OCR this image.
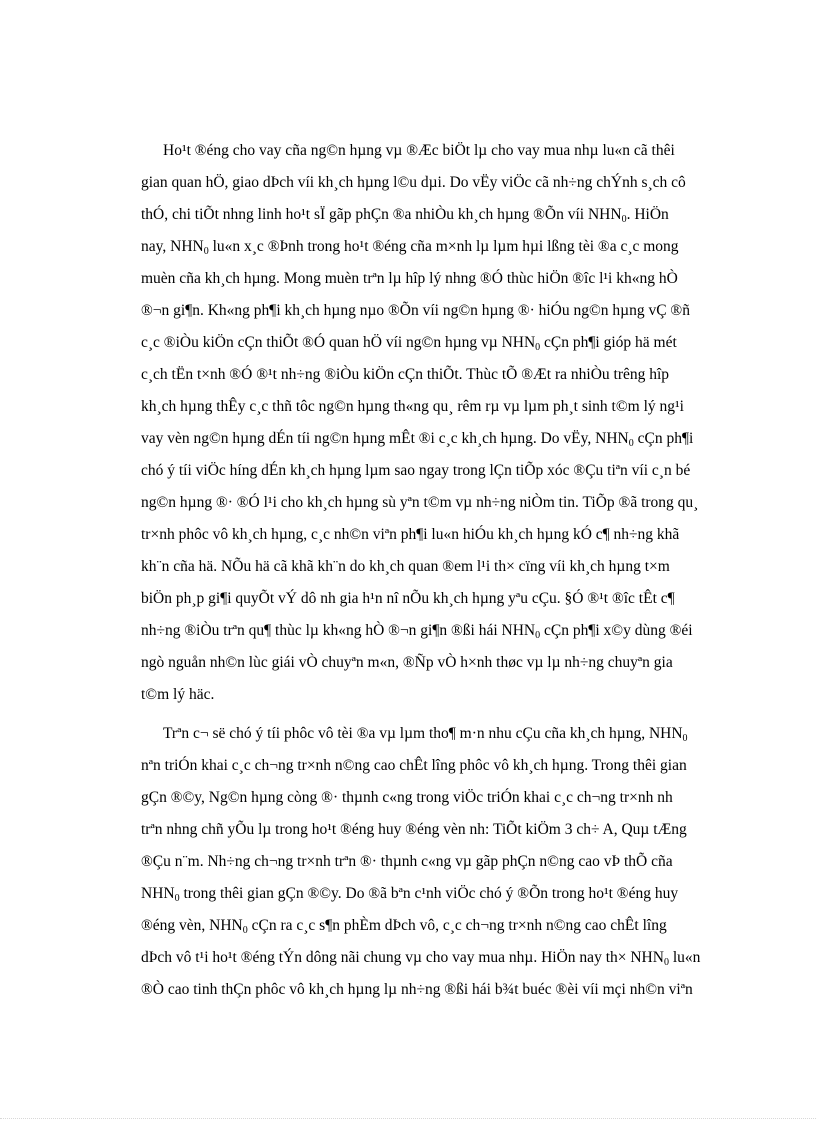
Ho¹t ®éng cho vay cña ng©n hµng vµ ®Æc biÖt lµ cho vay mua nhµ lu«n cã thêi
gian quan hÖ, giao dÞch víi kh¸ch hµng l©u dµi. Do vËy viÖc cã nh÷ng chÝnh s¸ch cô
thÓ, chi tiÕt nhng linh ho¹t sÏ gãp phÇn ®a nhiÒu kh¸ch hµng ®Õn víi $NHN_0$. HiÖn
nay, $NHN_0$ lu«n x¸c ®Þnh trong ho¹t ®éng cña m×nh lµ lµm hµi lßng tèi ®a c¸c mong
muèn cña kh¸ch hµng. Mong muèn trªn lµ hîp lý nhng ®Ó thùc hiÖn ®îc l¹i kh«ng hÒ
®¬n gi¶n. Kh«ng ph¶i kh¸ch hµng nµo ®Õn víi ng©n hµng ®· hiÓu ng©n hµng vÇ ®ñ
c¸c ®iÒu kiÖn cÇn thiÕt ®Ó quan hÖ víi ng©n hµng vµ $NHN_0$ cÇn ph¶i gióp hä mét
c¸ch tËn t×nh ®Ó ®¹t nh÷ng ®iÒu kiÖn cÇn thiÕt. Thùc tÕ ®Æt ra nhiÒu trêng hîp
kh¸ch hµng thÊy c¸c thñ tôc ng©n hµng th«ng qu¸ rêm rµ vµ lµm ph¸t sinh t©m lý ng¹i
vay vèn ng©n hµng dÉn tíi ng©n hµng mÊt ®i c¸c kh¸ch hµng. Do vËy, $NHN_0$ cÇn ph¶i
chó ý tíi viÖc híng dÉn kh¸ch hµng lµm sao ngay trong lÇn tiÕp xóc ®Çu tiªn víi c¸n bé
ng©n hµng ®· ®Ó l¹i cho kh¸ch hµng sù yªn t©m vµ nh÷ng niÒm tin. TiÕp ®ã trong qu¸
tr×nh phôc vô kh¸ch hµng, c¸c nh©n viªn ph¶i lu«n hiÓu kh¸ch hµng kÓ c¶ nh÷ng khã
kh¨n cña hä. NÕu hä cã khã kh¨n do kh¸ch quan ®em l¹i th× cïng víi kh¸ch hµng t×m
biÖn ph¸p gi¶i quyÕt vÝ dô nh gia h¹n nî nÕu kh¸ch hµng yªu cÇu. §Ó ®¹t ®îc tÊt c¶
nh÷ng ®iÒu trªn qu¶ thùc lµ kh«ng hÒ ®¬n gi¶n ®ßi hái $NHN_0$ cÇn ph¶i x©y dùng ®éi
ngò nguån nh©n lùc giái vÒ chuyªn m«n, ®Ñp vÒ h×nh thøc vµ lµ nh÷ng chuyªn gia
t©m lý häc.
Trªn c¬ së chó ý tíi phôc vô tèi ®a vµ lµm tho¶ m·n nhu cÇu cña kh¸ch hµng, $NHN_0$
nªn triÓn khai c¸c ch¬ng tr×nh n©ng cao chÊt lîng phôc vô kh¸ch hµng. Trong thêi gian
gÇn ®©y, Ng©n hµng còng ®· thµnh c«ng trong viÖc triÓn khai c¸c ch¬ng tr×nh nh
trªn nhng chñ yÕu lµ trong ho¹t ®éng huy ®éng vèn nh: TiÕt kiÖm 3 ch÷ A, Quµ tÆng
®Çu n¨m. Nh÷ng ch¬ng tr×nh trªn ®· thµnh c«ng vµ gãp phÇn n©ng cao vÞ thÕ cña
$NHN_0$ trong thêi gian gÇn ®©y. Do ®ã bªn c¹nh viÖc chó ý ®Õn trong ho¹t ®éng huy
®éng vèn, $NHN_0$ cÇn ra c¸c s¶n phÈm dÞch vô, c¸c ch¬ng tr×nh n©ng cao chÊt lîng
dÞch vô t¹i ho¹t ®éng tÝn dông nãi chung vµ cho vay mua nhµ. HiÖn nay $th\times NHN_0$ lu«n
®Ò cao tinh thÇn phôc vô kh¸ch hµng lµ nh÷ng ®ßi hái b¾t buéc ®èi víi mçi nh©n viªn
